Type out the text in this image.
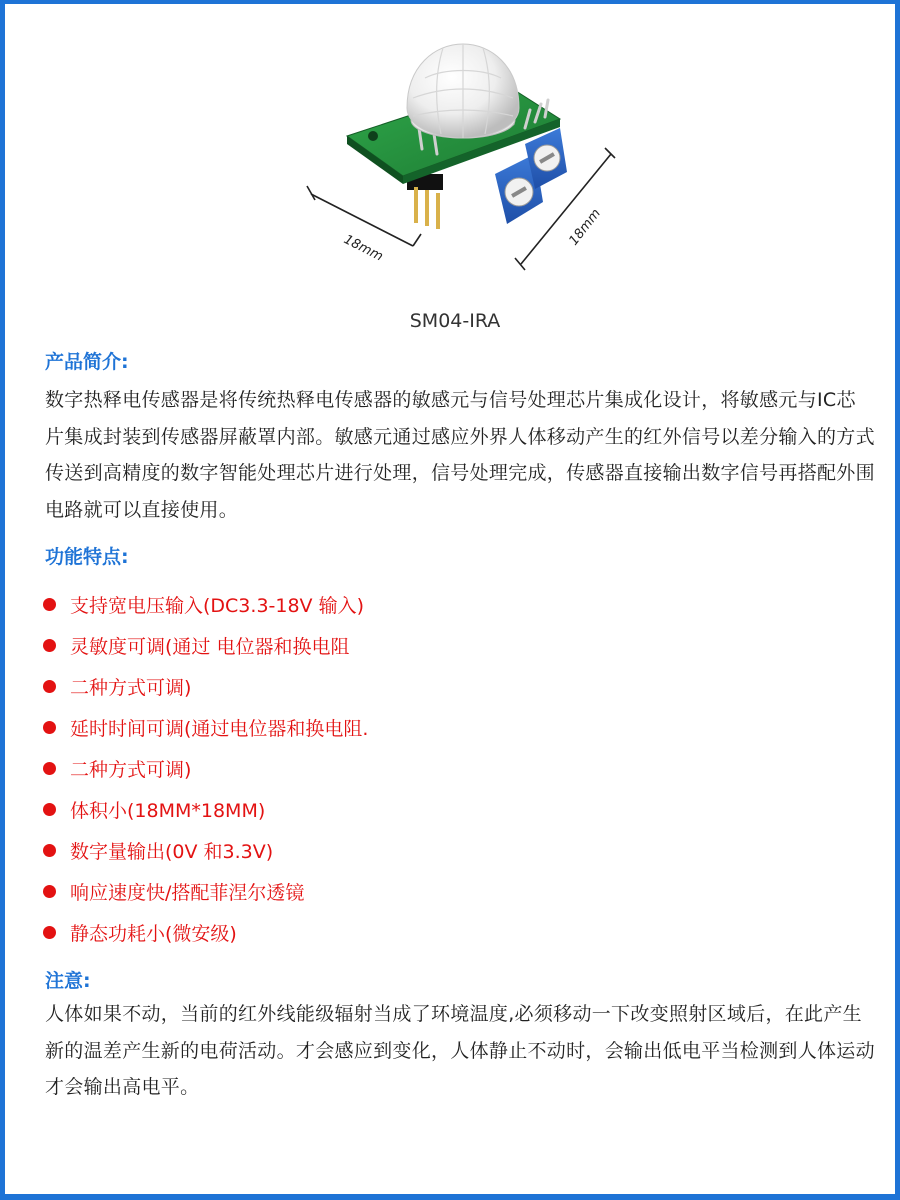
18mm	18mm
SM04-IRA
产品简介:
数字热释电传感器是将传统热释电传感器的敏感元与信号处理芯片集成化设计，将敏感元与IC芯片集成封装到传感器屏蔽罩内部。敏感元通过感应外界人体移动产生的红外信号以差分输入的方式传送到高精度的数字智能处理芯片进行处理，信号处理完成，传感器直接输出数字信号再搭配外围电路就可以直接使用。
功能特点:
支持宽电压输入(DC3.3-18V 输入)
灵敏度可调(通过 电位器和换电阻
二种方式可调)
延时时间可调(通过电位器和换电阻.
二种方式可调)
体积小(18MM*18MM)
数字量输出(0V 和3.3V)
响应速度快/搭配菲涅尔透镜
静态功耗小(微安级)
注意:
人体如果不动，当前的红外线能级辐射当成了环境温度,必须移动一下改变照射区域后，在此产生新的温差产生新的电荷活动。才会感应到变化，人体静止不动时，会输出低电平当检测到人体运动才会输出高电平。
